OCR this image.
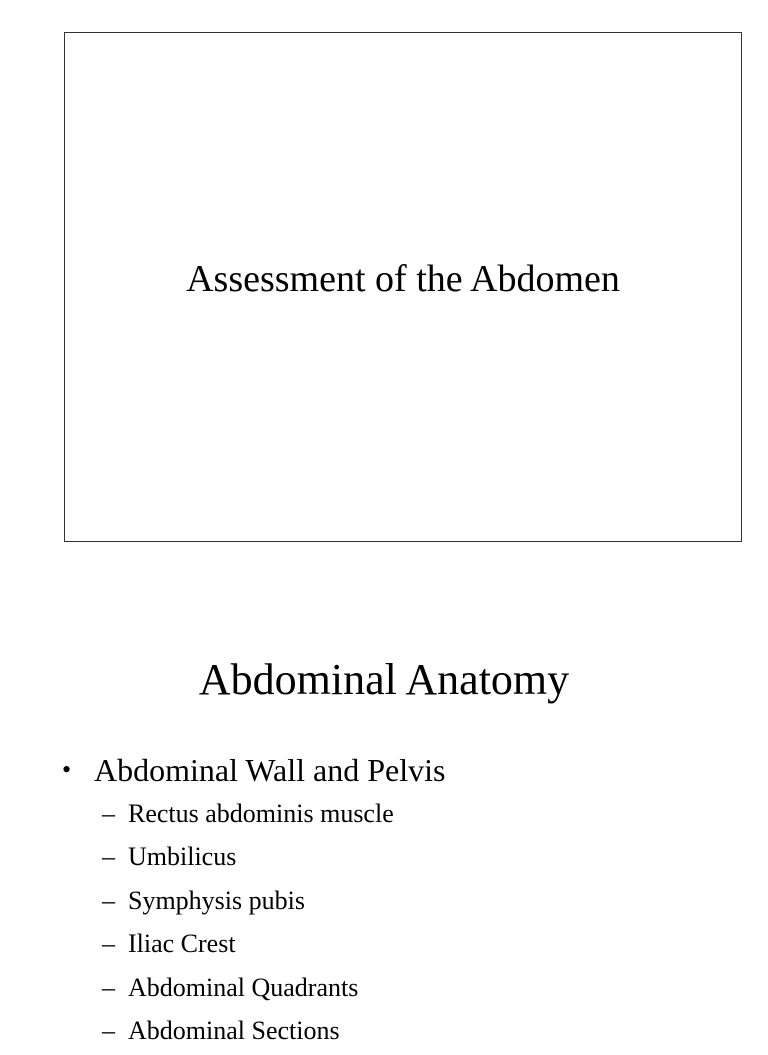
Assessment of the Abdomen
Abdominal Anatomy
• Abdominal Wall and Pelvis
– Rectus abdominis muscle
– Umbilicus
– Symphysis pubis
– Iliac Crest
– Abdominal Quadrants
– Abdominal Sections
